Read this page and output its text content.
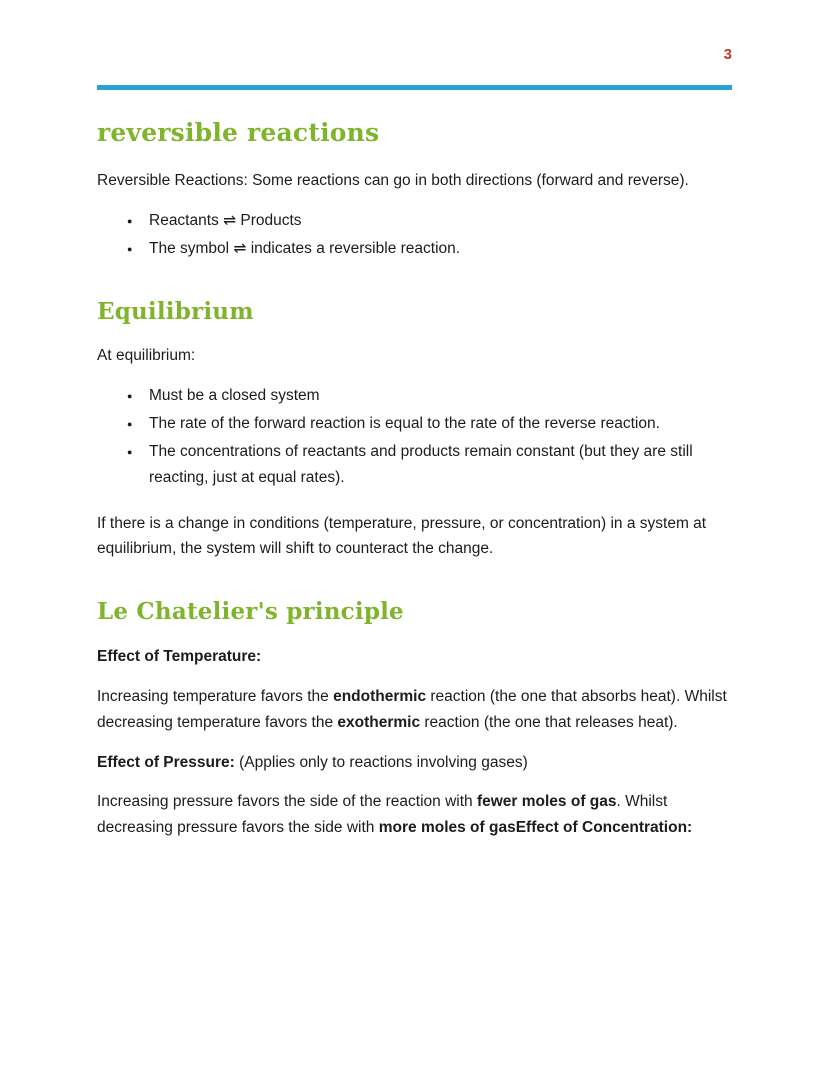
3
reversible reactions

Reversible Reactions: Some reactions can go in both directions (forward and reverse).

● Reactants ⇌ Products
● The symbol ⇌ indicates a reversible reaction.
Equilibrium

At equilibrium:

● Must be a closed system
● The rate of the forward reaction is equal to the rate of the reverse reaction.
● The concentrations of reactants and products remain constant (but they are still reacting, just at equal rates).

If there is a change in conditions (temperature, pressure, or concentration) in a system at equilibrium, the system will shift to counteract the change.

Le Chatelier's principle

Effect of Temperature:

Increasing temperature favors the endothermic reaction (the one that absorbs heat). Whilst decreasing temperature favors the exothermic reaction (the one that releases heat).

Effect of Pressure: (Applies only to reactions involving gases)

Increasing pressure favors the side of the reaction with fewer moles of gas. Whilst decreasing pressure favors the side with more moles of gasEffect of Concentration:
